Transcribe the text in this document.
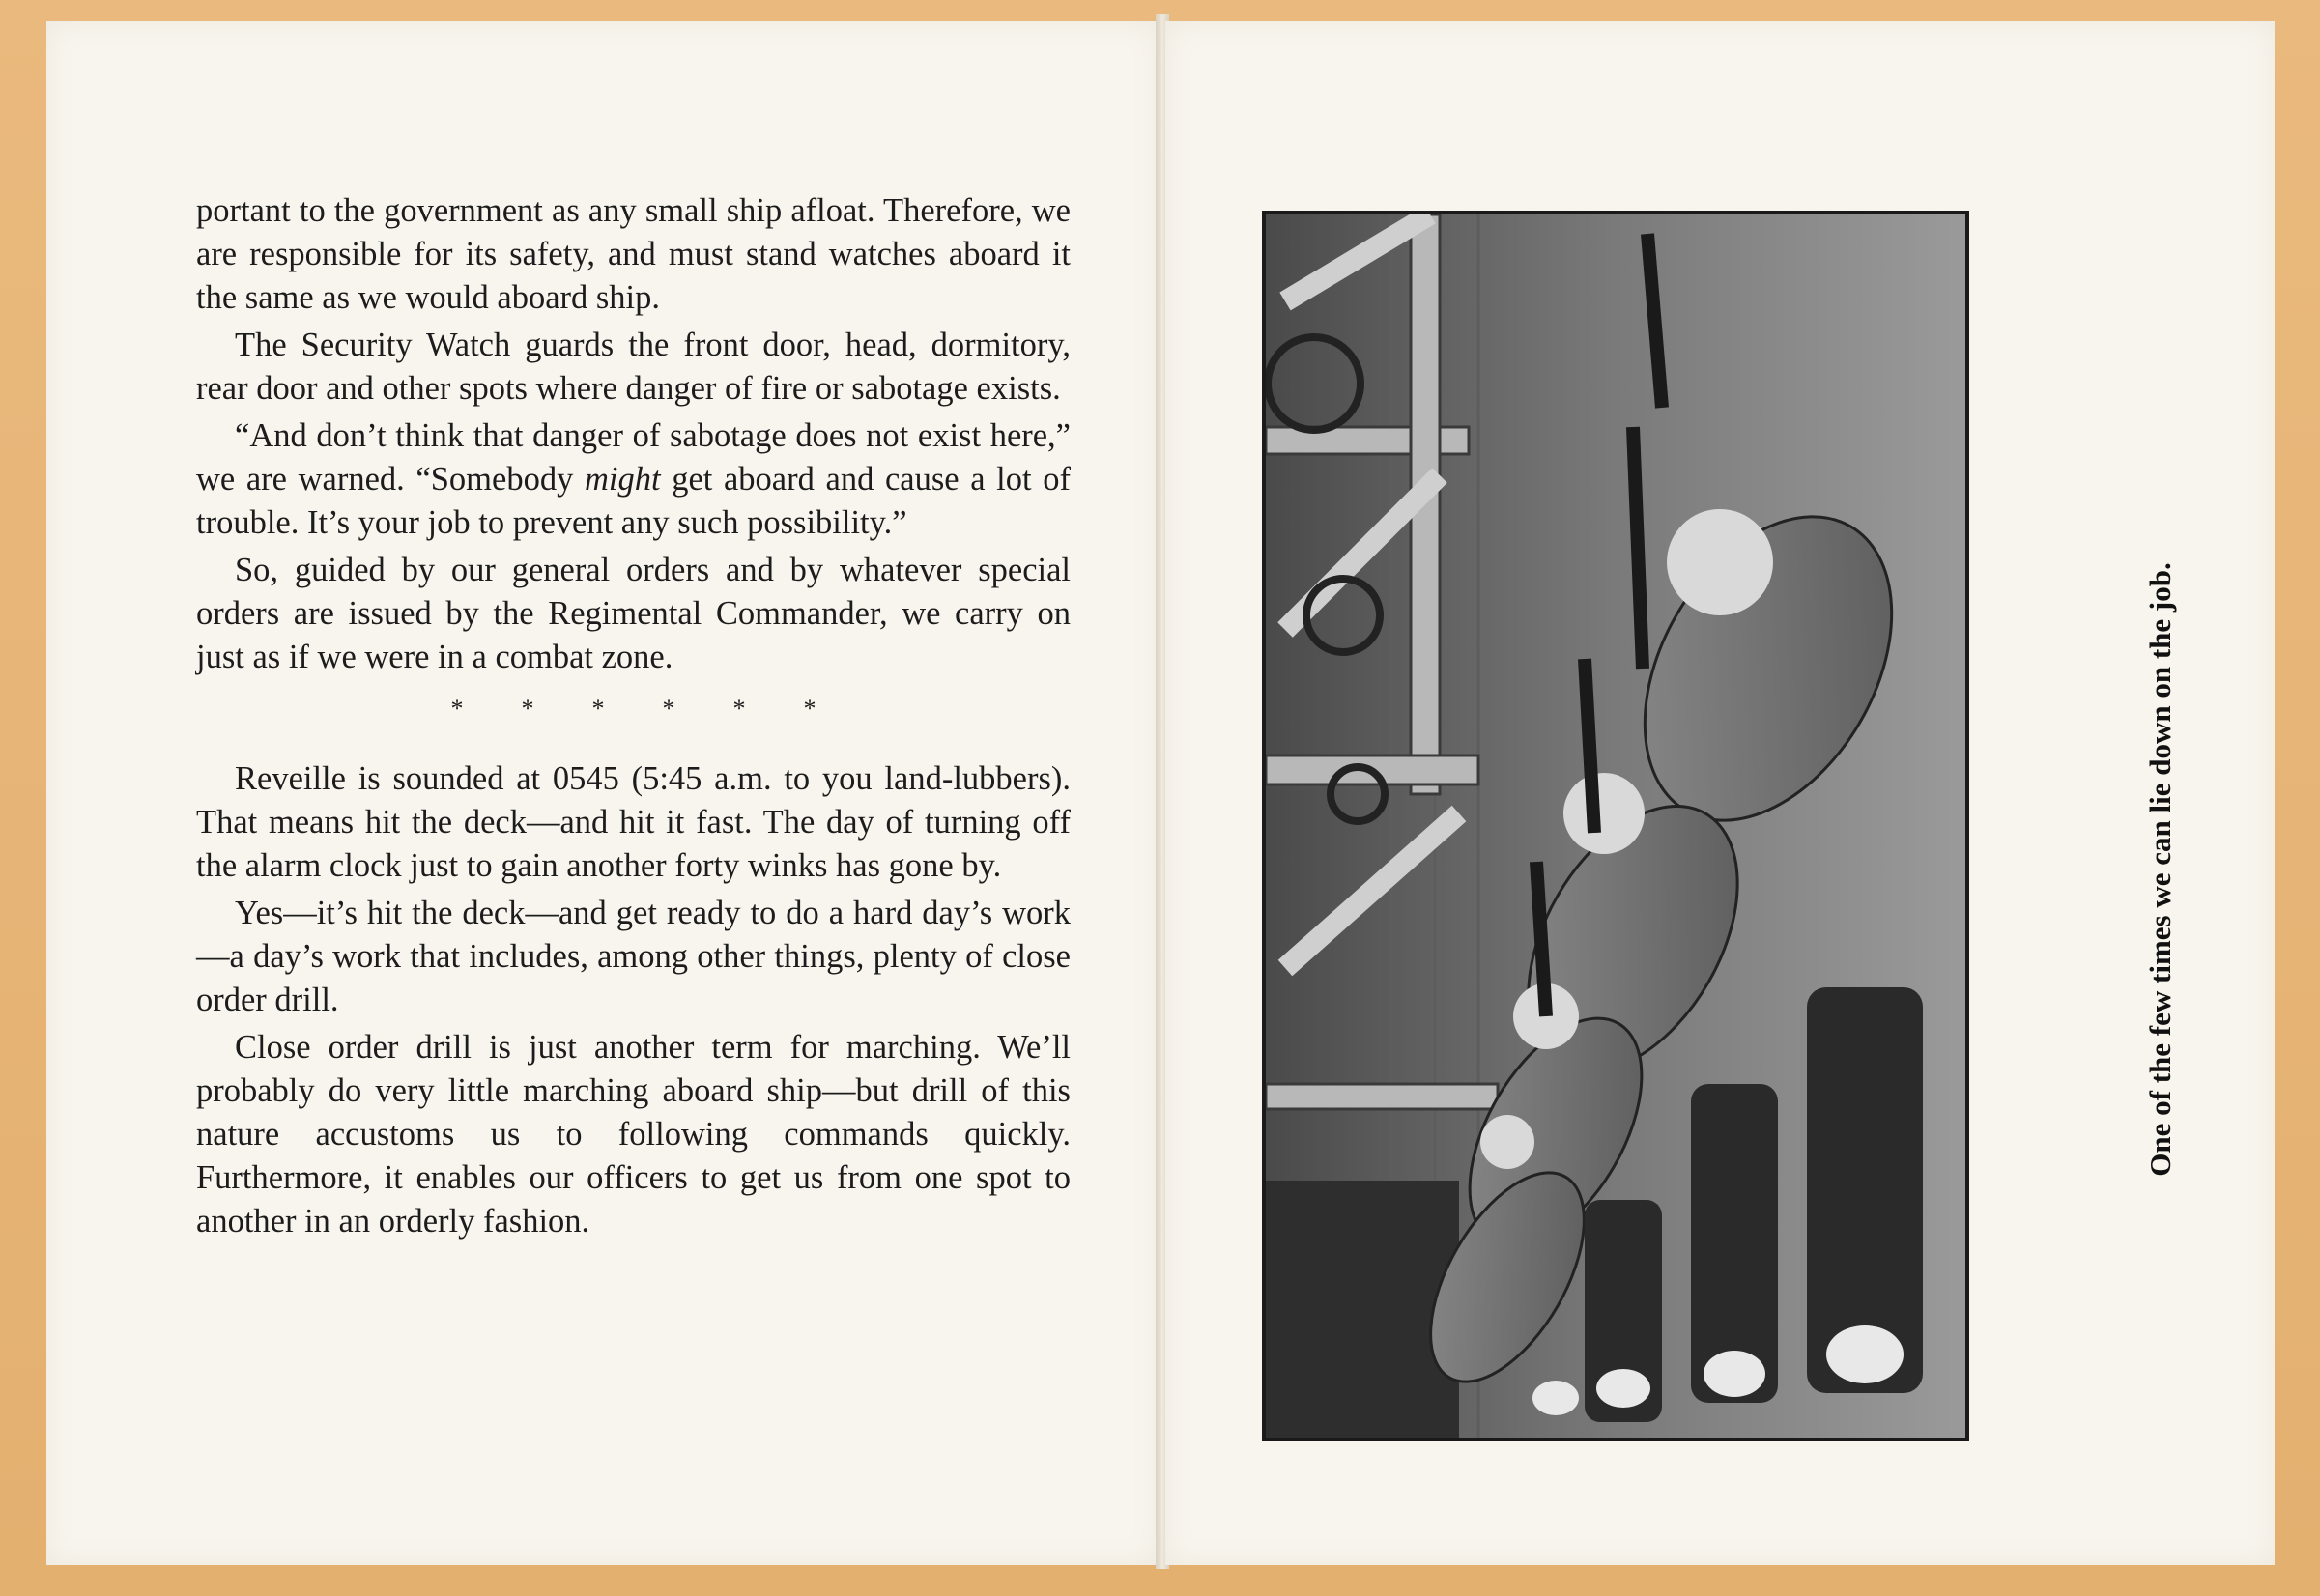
portant to the government as any small ship afloat. Therefore, we are responsible for its safety, and must stand watches aboard it the same as we would aboard ship.

The Security Watch guards the front door, head, dormitory, rear door and other spots where danger of fire or sabotage exists.

“And don’t think that danger of sabotage does not exist here,” we are warned. “Somebody might get aboard and cause a lot of trouble. It’s your job to prevent any such possibility.”

So, guided by our general orders and by whatever special orders are issued by the Regimental Commander, we carry on just as if we were in a combat zone.

* * * * * *

Reveille is sounded at 0545 (5:45 a.m. to you land-lubbers). That means hit the deck—and hit it fast. The day of turning off the alarm clock just to gain another forty winks has gone by.

Yes—it’s hit the deck—and get ready to do a hard day’s work—a day’s work that includes, among other things, plenty of close order drill.

Close order drill is just another term for marching. We’ll probably do very little marching aboard ship—but drill of this nature accustoms us to following commands quickly. Furthermore, it enables our officers to get us from one spot to another in an orderly fashion.

One of the few times we can lie down on the job.
